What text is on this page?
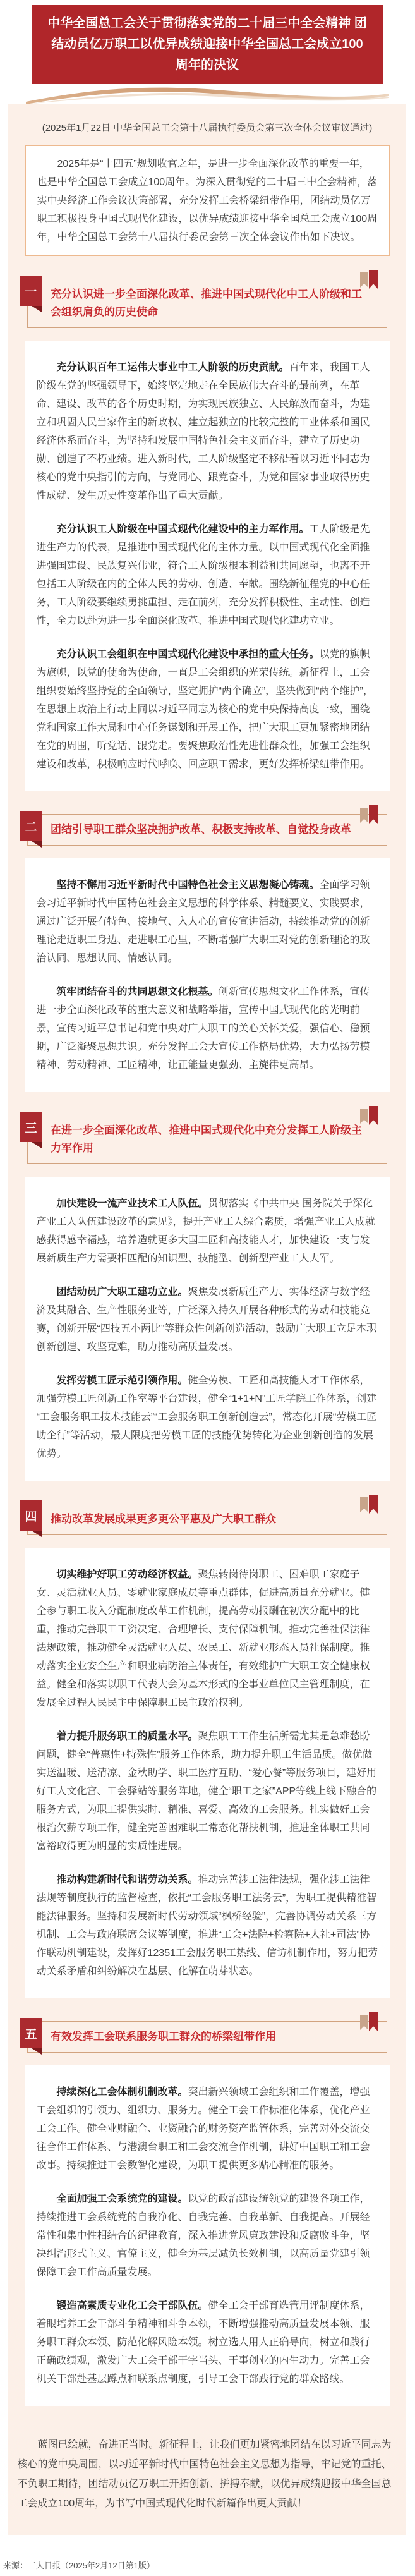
中华全国总工会关于贯彻落实党的二十届三中全会精神 团结动员亿万职工以优异成绩迎接中华全国总工会成立100周年的决议
(2025年1月22日 中华全国总工会第十八届执行委员会第三次全体会议审议通过)

2025年是“十四五”规划收官之年，是进一步全面深化改革的重要一年，也是中华全国总工会成立100周年。为深入贯彻党的二十届三中全会精神，落实中央经济工作会议决策部署，充分发挥工会桥梁纽带作用，团结动员亿万职工积极投身中国式现代化建设，以优异成绩迎接中华全国总工会成立100周年，中华全国总工会第十八届执行委员会第三次全体会议作出如下决议。

一	充分认识进一步全面深化改革、推进中国式现代化中工人阶级和工会组织肩负的历史使命

充分认识百年工运伟大事业中工人阶级的历史贡献。百年来，我国工人阶级在党的坚强领导下，始终坚定地走在全民族伟大奋斗的最前列，在革命、建设、改革的各个历史时期，为实现民族独立、人民解放而奋斗，为建立和巩固人民当家作主的新政权、建立起独立的比较完整的工业体系和国民经济体系而奋斗，为坚持和发展中国特色社会主义而奋斗，建立了历史功勋、创造了不朽业绩。进入新时代，工人阶级坚定不移沿着以习近平同志为核心的党中央指引的方向，与党同心、跟党奋斗，为党和国家事业取得历史性成就、发生历史性变革作出了重大贡献。

充分认识工人阶级在中国式现代化建设中的主力军作用。工人阶级是先进生产力的代表，是推进中国式现代化的主体力量。以中国式现代化全面推进强国建设、民族复兴伟业，符合工人阶级根本利益和共同愿望，也离不开包括工人阶级在内的全体人民的劳动、创造、奉献。围绕新征程党的中心任务，工人阶级要继续勇挑重担、走在前列，充分发挥积极性、主动性、创造性，全力以赴为进一步全面深化改革、推进中国式现代化建功立业。

充分认识工会组织在中国式现代化建设中承担的重大任务。以党的旗帜为旗帜，以党的使命为使命，一直是工会组织的光荣传统。新征程上，工会组织要始终坚持党的全面领导，坚定拥护“两个确立”，坚决做到“两个维护”，在思想上政治上行动上同以习近平同志为核心的党中央保持高度一致，围绕党和国家工作大局和中心任务谋划和开展工作，把广大职工更加紧密地团结在党的周围，听党话、跟党走。要聚焦政治性先进性群众性，加强工会组织建设和改革，积极响应时代呼唤、回应职工需求，更好发挥桥梁纽带作用。

二	团结引导职工群众坚决拥护改革、积极支持改革、自觉投身改革

坚持不懈用习近平新时代中国特色社会主义思想凝心铸魂。全面学习领会习近平新时代中国特色社会主义思想的科学体系、精髓要义、实践要求，通过广泛开展有特色、接地气、入人心的宣传宣讲活动，持续推动党的创新理论走近职工身边、走进职工心里，不断增强广大职工对党的创新理论的政治认同、思想认同、情感认同。

筑牢团结奋斗的共同思想文化根基。创新宣传思想文化工作体系，宣传进一步全面深化改革的重大意义和战略举措，宣传中国式现代化的光明前景，宣传习近平总书记和党中央对广大职工的关心关怀关爱，强信心、稳预期，广泛凝聚思想共识。充分发挥工会大宣传工作格局优势，大力弘扬劳模精神、劳动精神、工匠精神，让正能量更强劲、主旋律更高昂。

三	在进一步全面深化改革、推进中国式现代化中充分发挥工人阶级主力军作用

加快建设一流产业技术工人队伍。贯彻落实《中共中央 国务院关于深化产业工人队伍建设改革的意见》，提升产业工人综合素质，增强产业工人成就感获得感幸福感，培养造就更多大国工匠和高技能人才，加快建设一支与发展新质生产力需要相匹配的知识型、技能型、创新型产业工人大军。

团结动员广大职工建功立业。聚焦发展新质生产力、实体经济与数字经济及其融合、生产性服务业等，广泛深入持久开展各种形式的劳动和技能竞赛，创新开展“四技五小两比”等群众性创新创造活动，鼓励广大职工立足本职创新创造、攻坚克难，助力推动高质量发展。

发挥劳模工匠示范引领作用。健全劳模、工匠和高技能人才工作体系，加强劳模工匠创新工作室等平台建设，健全“1+1+N”工匠学院工作体系，创建“工会服务职工技术技能云”“工会服务职工创新创造云”，常态化开展“劳模工匠助企行”等活动，最大限度把劳模工匠的技能优势转化为企业创新创造的发展优势。

四	推动改革发展成果更多更公平惠及广大职工群众

切实维护好职工劳动经济权益。聚焦转岗待岗职工、困难职工家庭子女、灵活就业人员、零就业家庭成员等重点群体，促进高质量充分就业。健全参与职工收入分配制度改革工作机制，提高劳动报酬在初次分配中的比重，推动完善职工工资决定、合理增长、支付保障机制。推动完善社保法律法规政策，推动健全灵活就业人员、农民工、新就业形态人员社保制度。推动落实企业安全生产和职业病防治主体责任，有效维护广大职工安全健康权益。健全和落实以职工代表大会为基本形式的企事业单位民主管理制度，在发展全过程人民民主中保障职工民主政治权利。

着力提升服务职工的质量水平。聚焦职工工作生活所需尤其是急难愁盼问题，健全“普惠性+特殊性”服务工作体系，助力提升职工生活品质。做优做实送温暖、送清凉、金秋助学、职工医疗互助、“爱心餐”等服务项目，建好用好工人文化宫、工会驿站等服务阵地，健全“职工之家”APP等线上线下融合的服务方式，为职工提供实时、精准、喜爱、高效的工会服务。扎实做好工会根治欠薪专项工作，健全完善困难职工常态化帮扶机制，推进全体职工共同富裕取得更为明显的实质性进展。

推动构建新时代和谐劳动关系。推动完善涉工法律法规，强化涉工法律法规等制度执行的监督检查，依托“工会服务职工法务云”，为职工提供精准智能法律服务。坚持和发展新时代劳动领域“枫桥经验”，完善协调劳动关系三方机制、工会与政府联席会议等制度，推进“工会+法院+检察院+人社+司法”协作联动机制建设，发挥好12351工会服务职工热线、信访机制作用，努力把劳动关系矛盾和纠纷解决在基层、化解在萌芽状态。

五	有效发挥工会联系服务职工群众的桥梁纽带作用

持续深化工会体制机制改革。突出新兴领域工会组织和工作覆盖，增强工会组织的引领力、组织力、服务力。健全工会工作标准化体系，优化产业工会工作。健全业财融合、业资融合的财务资产监管体系，完善对外交流交往合作工作体系、与港澳台职工和工会交流合作机制，讲好中国职工和工会故事。持续推进工会数智化建设，为职工提供更多贴心精准的服务。

全面加强工会系统党的建设。以党的政治建设统领党的建设各项工作，持续推进工会系统党的自我净化、自我完善、自我革新、自我提高。开展经常性和集中性相结合的纪律教育，深入推进党风廉政建设和反腐败斗争，坚决纠治形式主义、官僚主义，健全为基层减负长效机制，以高质量党建引领保障工会工作高质量发展。

锻造高素质专业化工会干部队伍。健全工会干部育选管用评制度体系，着眼培养工会干部斗争精神和斗争本领，不断增强推动高质量发展本领、服务职工群众本领、防范化解风险本领。树立选人用人正确导向，树立和践行正确政绩观，激发广大工会干部干字当头、干事创业的内生动力。完善工会机关干部赴基层蹲点和联系点制度，引导工会干部践行党的群众路线。

蓝图已绘就，奋进正当时。新征程上，让我们更加紧密地团结在以习近平同志为核心的党中央周围，以习近平新时代中国特色社会主义思想为指导，牢记党的重托、不负职工期待，团结动员亿万职工开拓创新、拼搏奉献，以优异成绩迎接中华全国总工会成立100周年，为书写中国式现代化时代新篇作出更大贡献！

来源：工人日报（2025年2月12日第1版）
